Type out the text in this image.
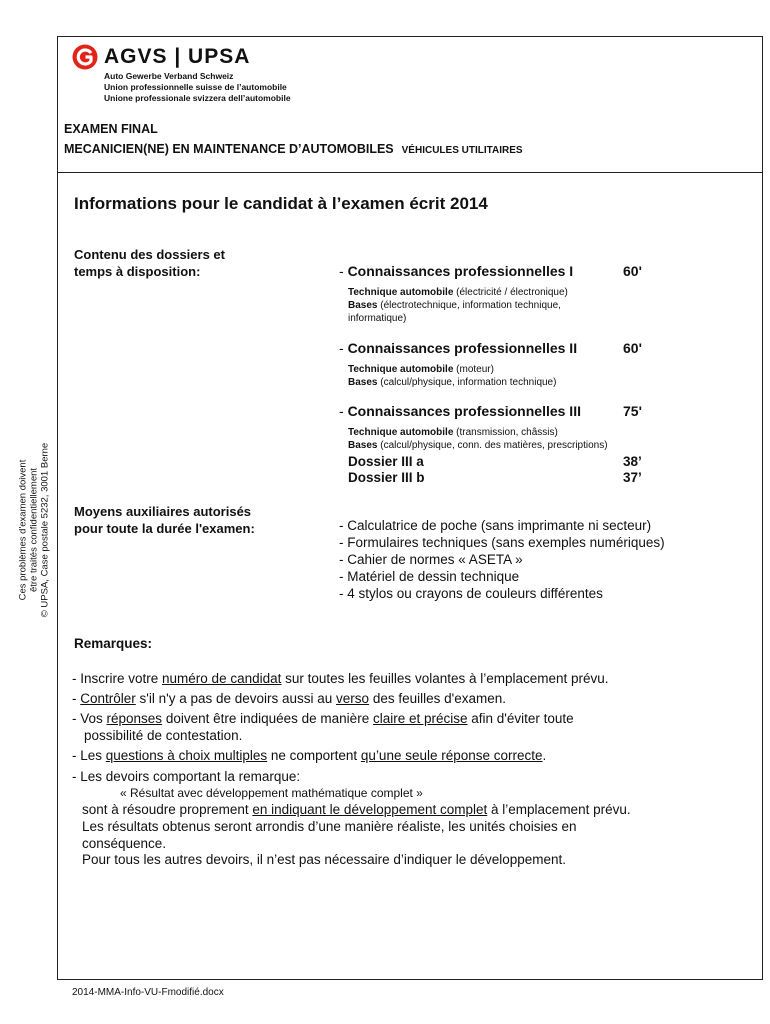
AGVS | UPSA
Auto Gewerbe Verband Schweiz
Union professionnelle suisse de l’automobile
Unione professionale svizzera dell’automobile
EXAMEN FINAL
MECANICIEN(NE) EN MAINTENANCE D’AUTOMOBILES VÉHICULES UTILITAIRES
Informations pour le candidat à l’examen écrit 2014
Contenu des dossiers et
temps à disposition:	- Connaissances professionnelles I	60'
Technique automobile (électricité / électronique)
Bases (électrotechnique, information technique,
informatique)
- Connaissances professionnelles II	60'
Technique automobile (moteur)
Bases (calcul/physique, information technique)
- Connaissances professionnelles III	75'
Technique automobile (transmission, châssis)
Bases (calcul/physique, conn. des matières, prescriptions)
Dossier III a	38’
Dossier III b	37’
Moyens auxiliaires autorisés
pour toute la durée l'examen:	- Calculatrice de poche (sans imprimante ni secteur)
- Formulaires techniques (sans exemples numériques)
- Cahier de normes « ASETA »
- Matériel de dessin technique
- 4 stylos ou crayons de couleurs différentes
Remarques:
- Inscrire votre numéro de candidat sur toutes les feuilles volantes à l’emplacement prévu.
- Contrôler s'il n'y a pas de devoirs aussi au verso des feuilles d'examen.
- Vos réponses doivent être indiquées de manière claire et précise afin d'éviter toute
possibilité de contestation.
- Les questions à choix multiples ne comportent qu’une seule réponse correcte.
- Les devoirs comportant la remarque:
« Résultat avec développement mathématique complet »
sont à résoudre proprement en indiquant le développement complet à l’emplacement prévu.
Les résultats obtenus seront arrondis d’une manière réaliste, les unités choisies en
conséquence.
Pour tous les autres devoirs, il n’est pas nécessaire d’indiquer le développement.
Ces problèmes d'examen doivent être traités confidentiellement © UPSA, Case postale 5232, 3001 Berne
2014-MMA-Info-VU-Fmodifié.docx
